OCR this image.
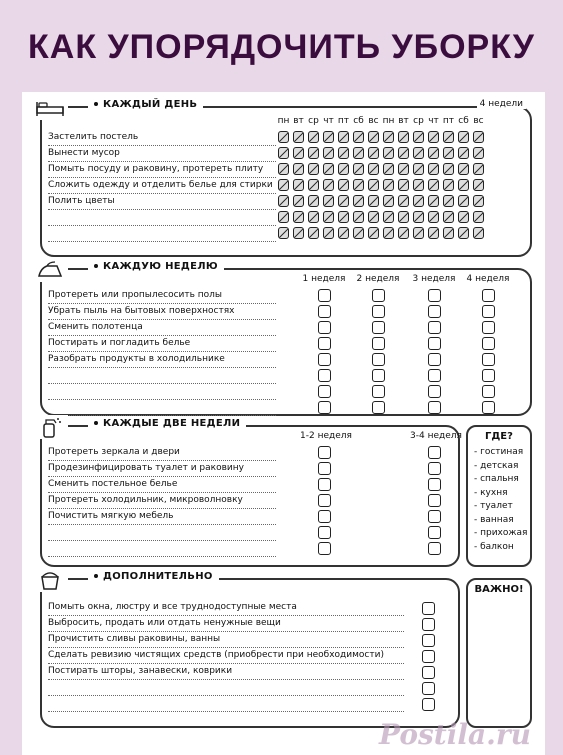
КАК УПОРЯДОЧИТЬ УБОРКУ
КАЖДЫЙ ДЕНЬ	4 недели
пн вт ср чт пт сб вс пн вт ср чт пт сб вс
Застелить постель
Вынести мусор
Помыть посуду и раковину, протереть плиту
Сложить одежду и отделить белье для стирки
Полить цветы
КАЖДУЮ НЕДЕЛЮ
Протереть или пропылесосить полы
Убрать пыль на бытовых поверхностях
Сменить полотенца
Постирать и погладить белье
Разобрать продукты в холодильнике
1 неделя	2 неделя	3 неделя	4 неделя
КАЖДЫЕ ДВЕ НЕДЕЛИ
Протереть зеркала и двери
Продезинфицировать туалет и раковину
Сменить постельное белье
Протереть холодильник, микроволновку
Почистить мягкую мебель
1-2 неделя	3-4 неделя	ГДЕ?
- гостиная
- детская
- спальня
- кухня
- туалет
- ванная
- прихожая
- балкон
ДОПОЛНИТЕЛЬНО
Помыть окна, люстру и все труднодоступные места
Выбросить, продать или отдать ненужные вещи
Прочистить сливы раковины, ванны
Сделать ревизию чистящих средств (приобрести при необходимости)
Постирать шторы, занавески, коврики
ВАЖНО!
Postila.ru
